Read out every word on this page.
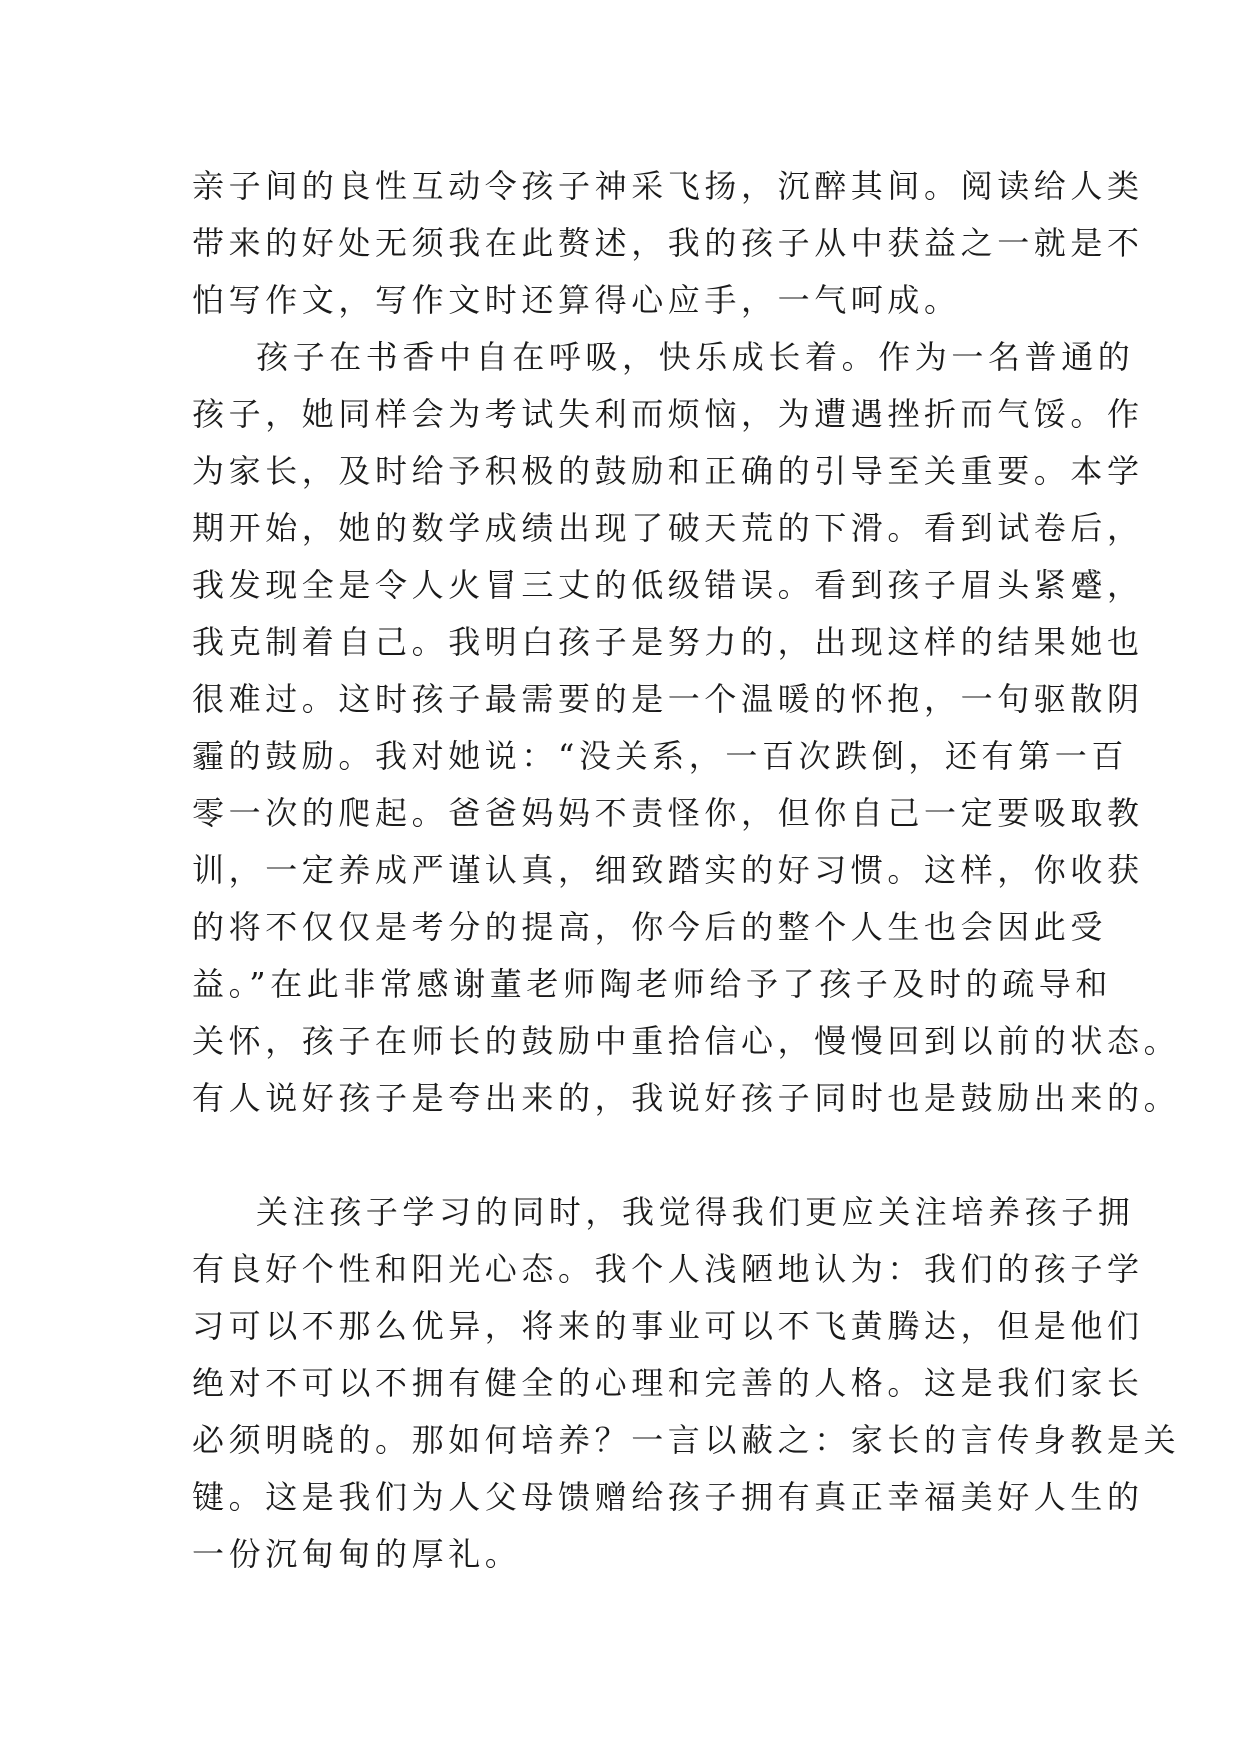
亲子间的良性互动令孩子神采飞扬，沉醉其间。阅读给人类
带来的好处无须我在此赘述，我的孩子从中获益之一就是不
怕写作文，写作文时还算得心应手，一气呵成。
孩子在书香中自在呼吸，快乐成长着。作为一名普通的
孩子，她同样会为考试失利而烦恼，为遭遇挫折而气馁。作
为家长，及时给予积极的鼓励和正确的引导至关重要。本学
期开始，她的数学成绩出现了破天荒的下滑。看到试卷后，
我发现全是令人火冒三丈的低级错误。看到孩子眉头紧蹙，
我克制着自己。我明白孩子是努力的，出现这样的结果她也
很难过。这时孩子最需要的是一个温暖的怀抱，一句驱散阴
霾的鼓励。我对她说：“没关系，一百次跌倒，还有第一百
零一次的爬起。爸爸妈妈不责怪你，但你自己一定要吸取教
训，一定养成严谨认真，细致踏实的好习惯。这样，你收获
的将不仅仅是考分的提高，你今后的整个人生也会因此受
益。”在此非常感谢董老师陶老师给予了孩子及时的疏导和
关怀，孩子在师长的鼓励中重拾信心，慢慢回到以前的状态。
有人说好孩子是夸出来的，我说好孩子同时也是鼓励出来的。
关注孩子学习的同时，我觉得我们更应关注培养孩子拥
有良好个性和阳光心态。我个人浅陋地认为：我们的孩子学
习可以不那么优异，将来的事业可以不飞黄腾达，但是他们
绝对不可以不拥有健全的心理和完善的人格。这是我们家长
必须明晓的。那如何培养？一言以蔽之：家长的言传身教是关
键。这是我们为人父母馈赠给孩子拥有真正幸福美好人生的
一份沉甸甸的厚礼。
